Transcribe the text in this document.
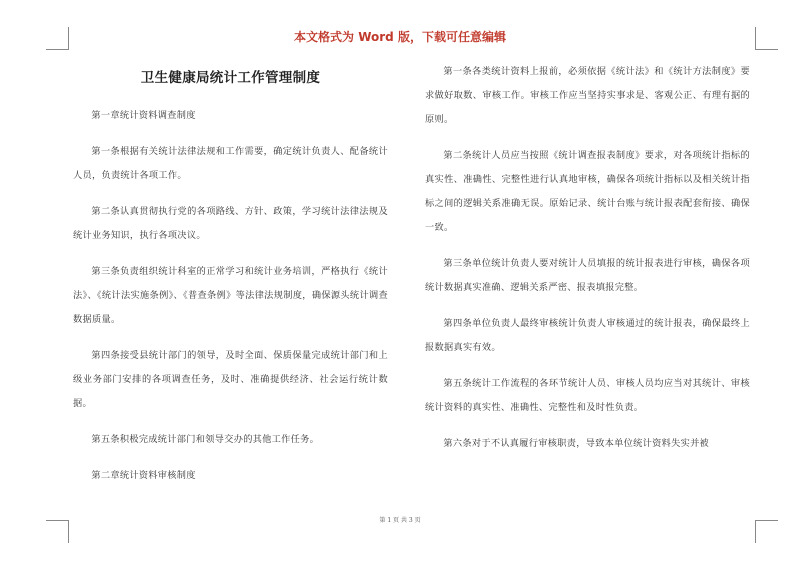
本文格式为 Word 版，下载可任意编辑
卫生健康局统计工作管理制度

第一章统计资料调查制度

第一条根据有关统计法律法规和工作需要，确定统计负责人、配备统计人员，负责统计各项工作。

第二条认真贯彻执行党的各项路线、方针、政策，学习统计法律法规及统计业务知识，执行各项决议。

第三条负责组织统计科室的正常学习和统计业务培训，严格执行《统计法》、《统计法实施条例》、《普查条例》等法律法规制度，确保源头统计调查数据质量。

第四条接受县统计部门的领导，及时全面、保质保量完成统计部门和上级业务部门安排的各项调查任务，及时、准确提供经济、社会运行统计数据。

第五条积极完成统计部门和领导交办的其他工作任务。

第二章统计资料审核制度

第一条各类统计资料上报前，必须依据《统计法》和《统计方法制度》要求做好取数、审核工作。审核工作应当坚持实事求是、客观公正、有理有据的原则。

第二条统计人员应当按照《统计调查报表制度》要求，对各项统计指标的真实性、准确性、完整性进行认真地审核，确保各项统计指标以及相关统计指标之间的逻辑关系准确无误。原始记录、统计台账与统计报表配套衔接、确保一致。

第三条单位统计负责人要对统计人员填报的统计报表进行审核，确保各项统计数据真实准确、逻辑关系严密、报表填报完整。

第四条单位负责人最终审核统计负责人审核通过的统计报表，确保最终上报数据真实有效。

第五条统计工作流程的各环节统计人员、审核人员均应当对其统计、审核统计资料的真实性、准确性、完整性和及时性负责。

第六条对于不认真履行审核职责，导致本单位统计资料失实并被

第 1 页 共 3 页
